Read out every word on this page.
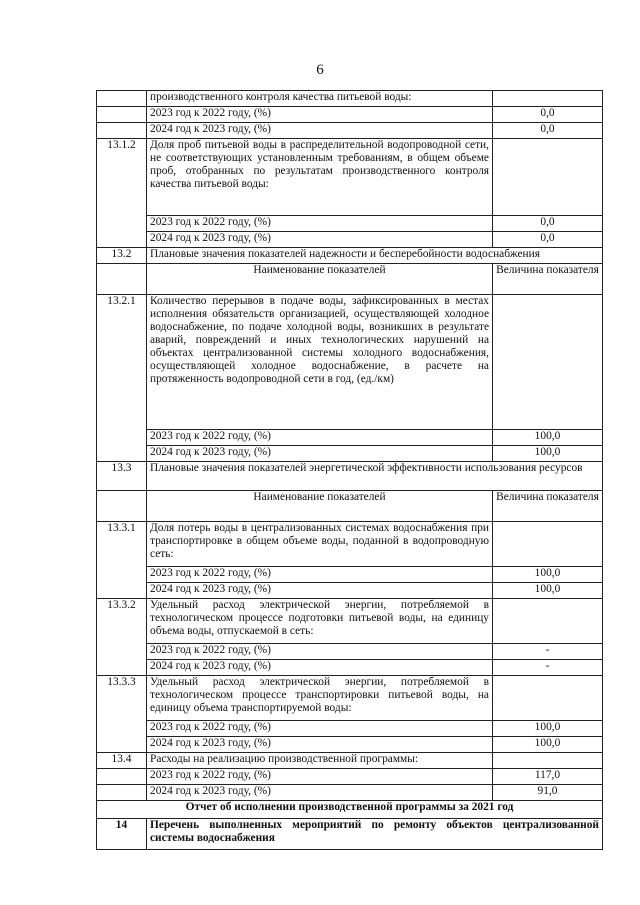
6
	производственного контроля качества питьевой воды:	
	2023 год к 2022 году, (%)	0,0
	2024 год к 2023 году, (%)	0,0
13.1.2	Доля проб питьевой воды в распределительной водопроводной сети, не соответствующих установленным требованиям, в общем объеме проб, отобранных по результатам производственного контроля качества питьевой воды:	
	2023 год к 2022 году, (%)	0,0
	2024 год к 2023 году, (%)	0,0
13.2	Плановые значения показателей надежности и бесперебойности водоснабжения	
	Наименование показателей	Величина показателя
13.2.1	Количество перерывов в подаче воды, зафиксированных в местах исполнения обязательств организацией, осуществляющей холодное водоснабжение, по подаче холодной воды, возникших в результате аварий, повреждений и иных технологических нарушений на объектах централизованной системы холодного водоснабжения, осуществляющей холодное водоснабжение, в расчете на протяженность водопроводной сети в год, (ед./км)	
	2023 год к 2022 году, (%)	100,0
	2024 год к 2023 году, (%)	100,0
13.3	Плановые значения показателей энергетической эффективности использования ресурсов	
	Наименование показателей	Величина показателя
13.3.1	Доля потерь воды в централизованных системах водоснабжения при транспортировке в общем объеме воды, поданной в водопроводную сеть:	
	2023 год к 2022 году, (%)	100,0
	2024 год к 2023 году, (%)	100,0
13.3.2	Удельный расход электрической энергии, потребляемой в технологическом процессе подготовки питьевой воды, на единицу объема воды, отпускаемой в сеть:	
	2023 год к 2022 году, (%)	-
	2024 год к 2023 году, (%)	-
13.3.3	Удельный расход электрической энергии, потребляемой в технологическом процессе транспортировки питьевой воды, на единицу объема транспортируемой воды:	
	2023 год к 2022 году, (%)	100,0
	2024 год к 2023 году, (%)	100,0
13.4	Расходы на реализацию производственной программы:	
	2023 год к 2022 году, (%)	117,0
	2024 год к 2023 году, (%)	91,0
Отчет об исполнении производственной программы за 2021 год		
14	Перечень выполненных мероприятий по ремонту объектов централизованной системы водоснабжения	
